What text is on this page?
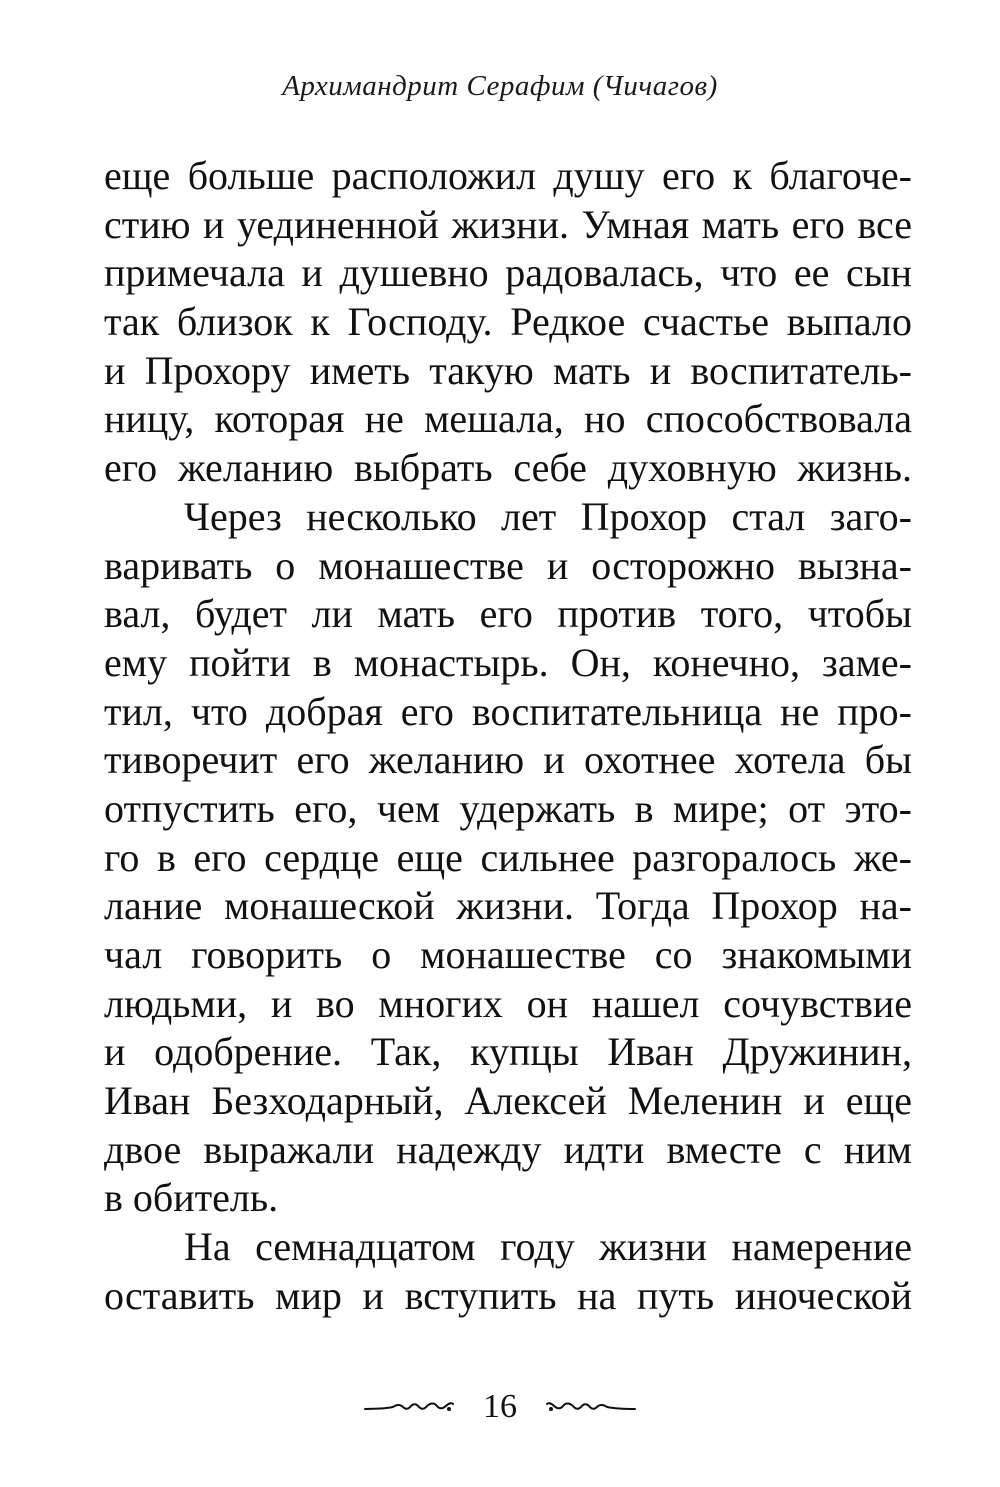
Архимандрит Серафим (Чичагов)
еще больше расположил душу его к благоче-
стию и уединенной жизни. Умная мать его все
примечала и душевно радовалась, что ее сын
так близок к Господу. Редкое счастье выпало
и Прохору иметь такую мать и воспитатель-
ницу, которая не мешала, но способствовала
его желанию выбрать себе духовную жизнь.
Через несколько лет Прохор стал заго-
варивать о монашестве и осторожно вызна-
вал, будет ли мать его против того, чтобы
ему пойти в монастырь. Он, конечно, заме-
тил, что добрая его воспитательница не про-
тиворечит его желанию и охотнее хотела бы
отпустить его, чем удержать в мире; от это-
го в его сердце еще сильнее разгоралось же-
лание монашеской жизни. Тогда Прохор на-
чал говорить о монашестве со знакомыми
людьми, и во многих он нашел сочувствие
и одобрение. Так, купцы Иван Дружинин,
Иван Безходарный, Алексей Меленин и еще
двое выражали надежду идти вместе с ним
в обитель.
На семнадцатом году жизни намерение
оставить мир и вступить на путь иноческой
16
